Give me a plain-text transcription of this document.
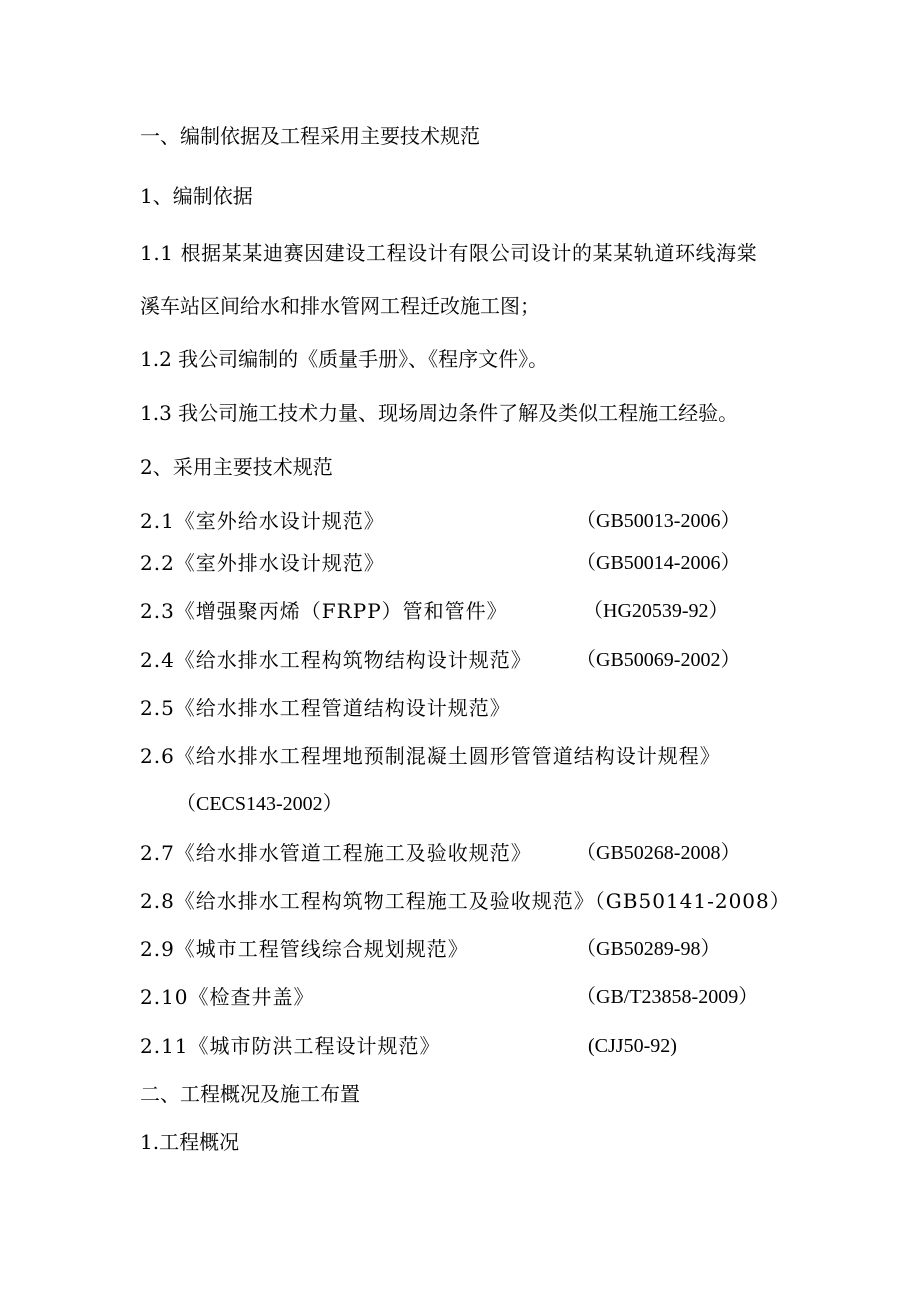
一、编制依据及工程采用主要技术规范
1、编制依据
1.1 根据某某迪赛因建设工程设计有限公司设计的某某轨道环线海棠
溪车站区间给水和排水管网工程迁改施工图；
1.2 我公司编制的《质量手册》、《程序文件》。
1.3 我公司施工技术力量、现场周边条件了解及类似工程施工经验。
2、采用主要技术规范
2.1《室外给水设计规范》	（GB50013-2006）
2.2《室外排水设计规范》	（GB50014-2006）
2.3《增强聚丙烯（FRPP）管和管件》	（HG20539-92）
2.4《给水排水工程构筑物结构设计规范》 （GB50069-2002）
2.5《给水排水工程管道结构设计规范》
2.6《给水排水工程埋地预制混凝土圆形管管道结构设计规程》
（CECS143-2002）
2.7《给水排水管道工程施工及验收规范》 （GB50268-2008）
2.8《给水排水工程构筑物工程施工及验收规范》（GB50141-2008）
2.9《城市工程管线综合规划规范》	（GB50289-98）
2.10《检查井盖》	（GB/T23858-2009）
2.11《城市防洪工程设计规范》	(CJJ50-92)
二、工程概况及施工布置
1.工程概况
